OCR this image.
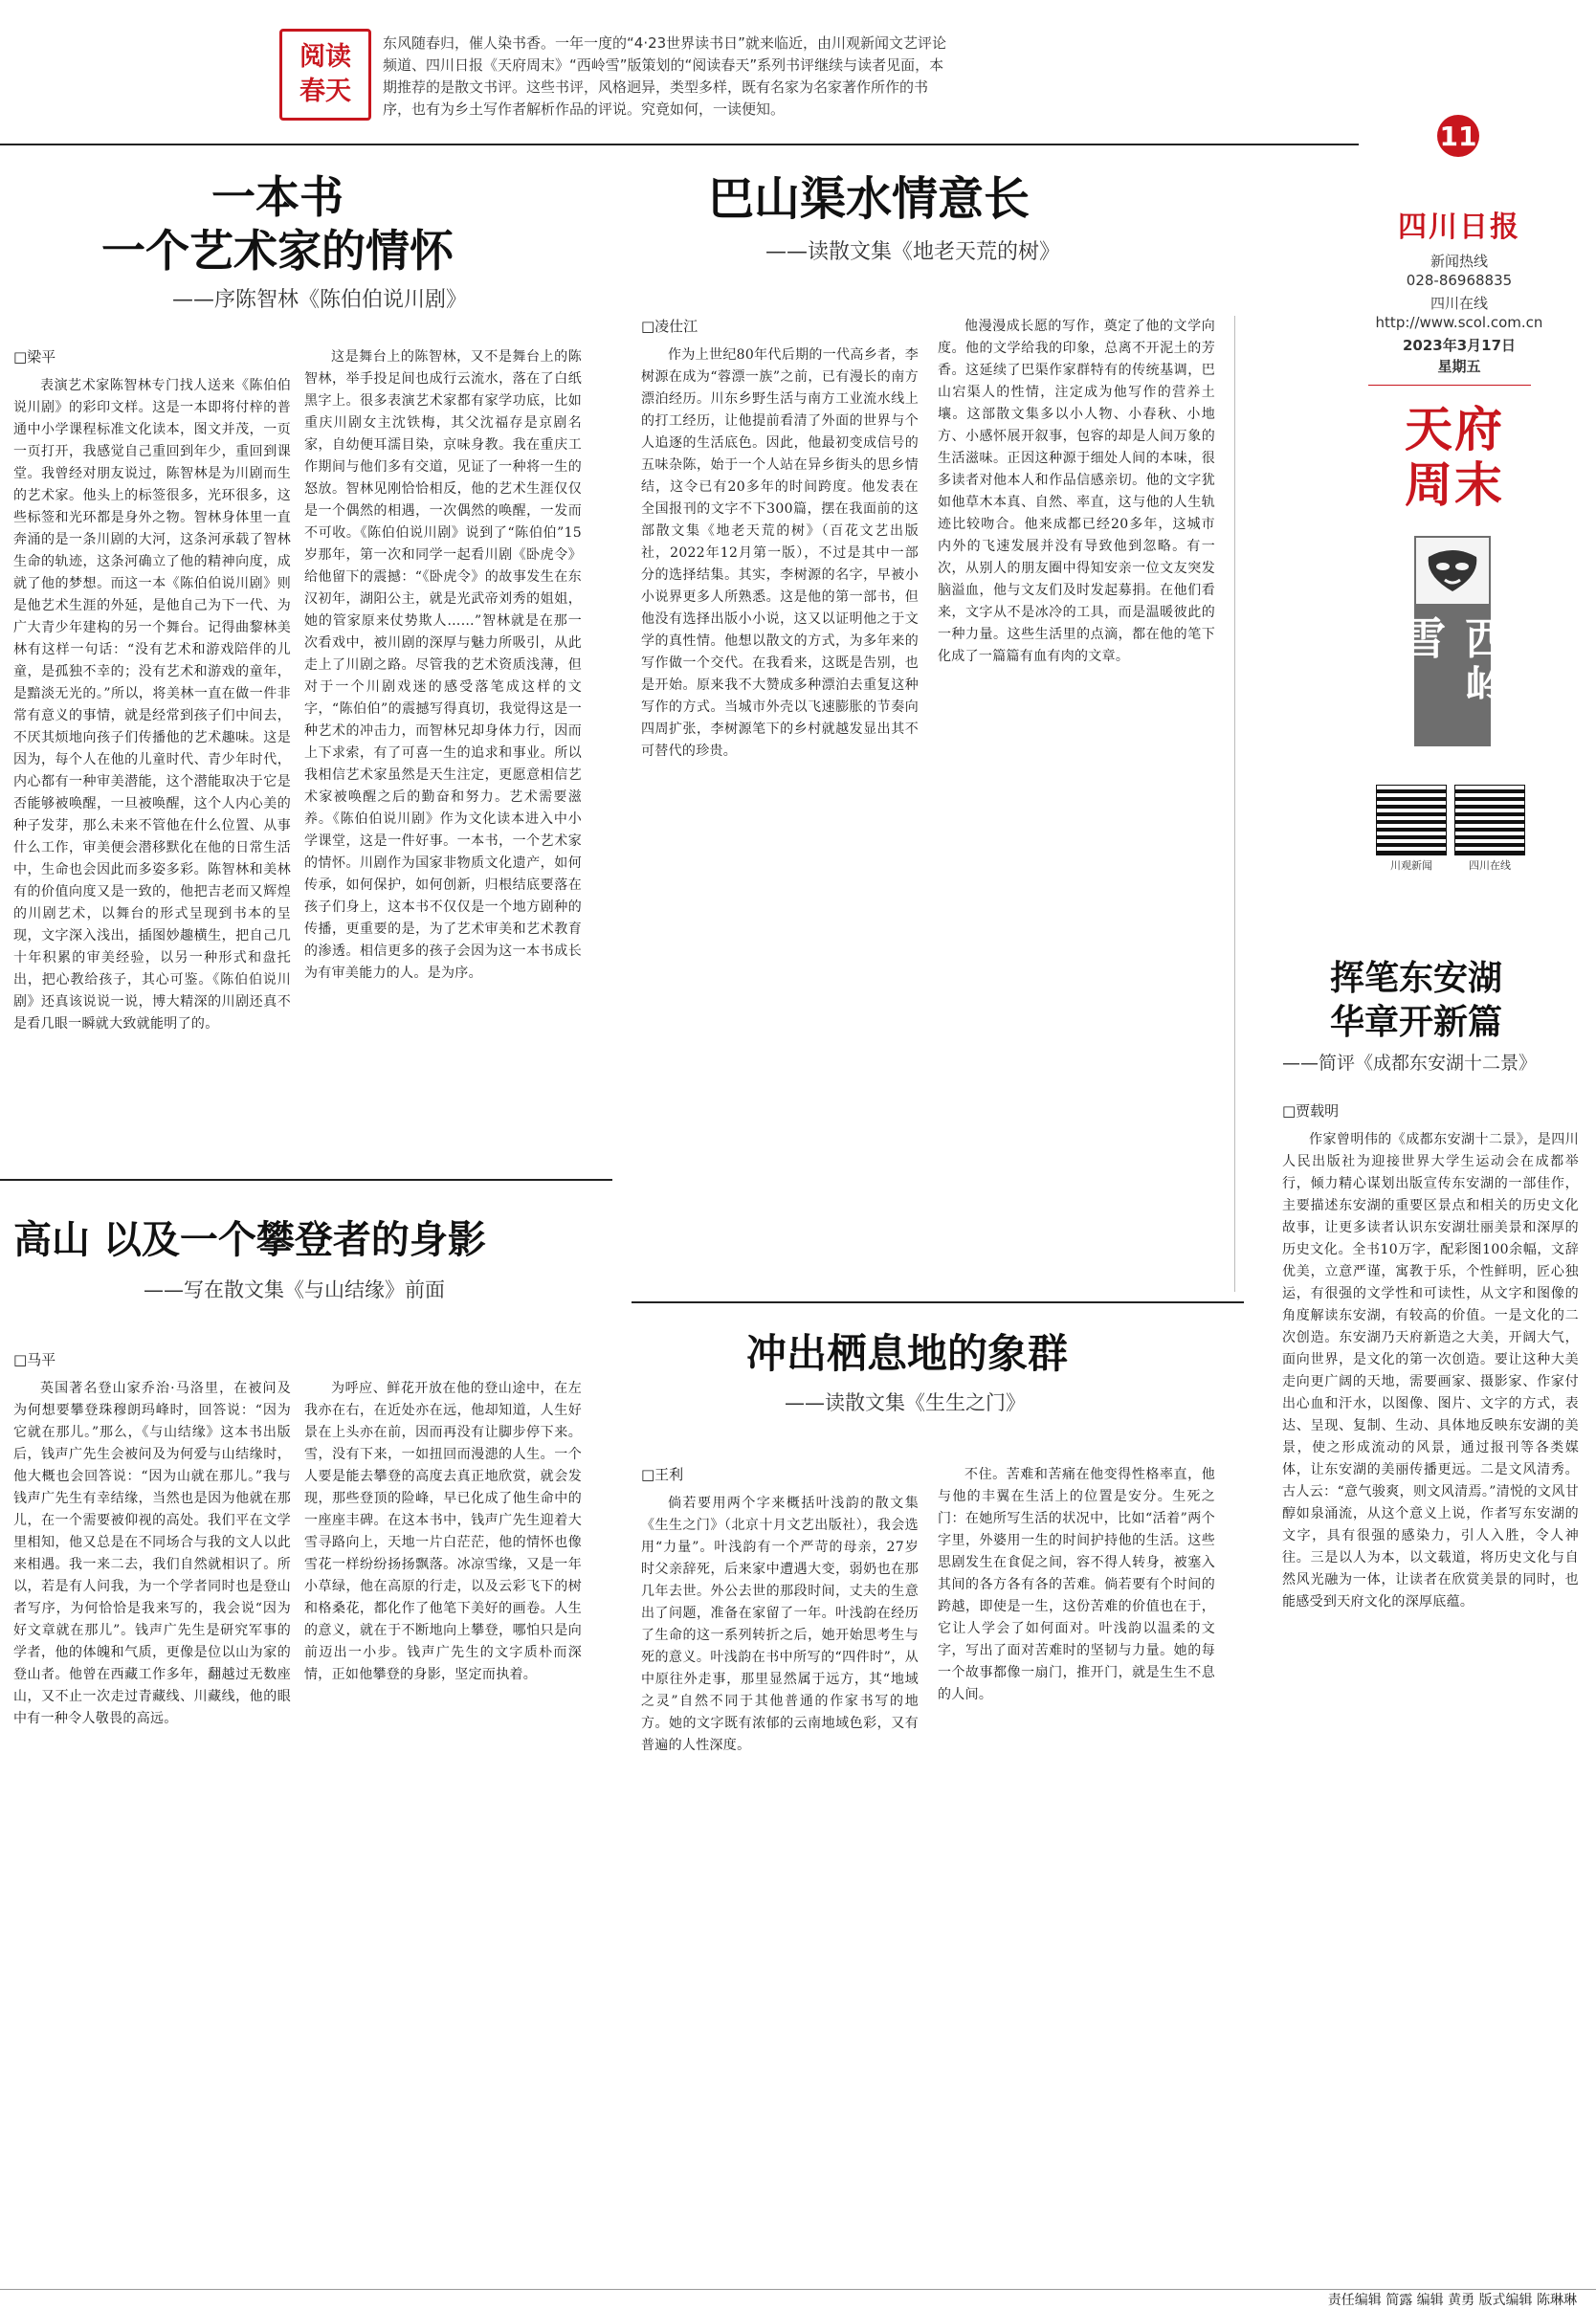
阅读
春天
东风随春归，催人染书香。一年一度的“4·23世界读书日”就来临近，由川观新闻文艺评论频道、四川日报《天府周末》“西岭雪”版策划的“阅读春天”系列书评继续与读者见面，本期推荐的是散文书评。这些书评，风格迥异，类型多样，既有名家为名家著作所作的书序，也有为乡土写作者解析作品的评说。究竟如何，一读便知。
11
四川日报
新闻热线
028-86968835
四川在线
http://www.scol.com.cn
2023年3月17日
星期五
天府周末
西岭雪
川观新闻	四川在线
一本书
一个艺术家的情怀
——序陈智林《陈伯伯说川剧》
□梁平

表演艺术家陈智林专门找人送来《陈伯伯说川剧》的彩印文样。这是一本即将付梓的普通中小学课程标准文化读本，图文并茂，一页一页打开，我感觉自己重回到年少，重回到课堂。我曾经对朋友说过，陈智林是为川剧而生的艺术家。他头上的标签很多，光环很多，这些标签和光环都是身外之物。智林身体里一直奔涌的是一条川剧的大河，这条河承载了智林生命的轨迹，这条河确立了他的精神向度，成就了他的梦想。而这一本《陈伯伯说川剧》则是他艺术生涯的外延，是他自己为下一代、为广大青少年建构的另一个舞台。记得曲黎林美林有这样一句话：“没有艺术和游戏陪伴的儿童，是孤独不幸的；没有艺术和游戏的童年，是黯淡无光的。”所以，将美林一直在做一件非常有意义的事情，就是经常到孩子们中间去，不厌其烦地向孩子们传播他的艺术趣味。这是因为，每个人在他的儿童时代、青少年时代，内心都有一种审美潜能，这个潜能取决于它是否能够被唤醒，一旦被唤醒，这个人内心美的种子发芽，那么未来不管他在什么位置、从事什么工作，审美便会潜移默化在他的日常生活中，生命也会因此而多姿多彩。陈智林和美林有的价值向度又是一致的，他把吉老而又辉煌的川剧艺术，以舞台的形式呈现到书本的呈现，文字深入浅出，插图妙趣横生，把自己几十年积累的审美经验，以另一种形式和盘托出，把心教给孩子，其心可鉴。《陈伯伯说川剧》还真该说说一说，博大精深的川剧还真不是看几眼一瞬就大致就能明了的。

这是舞台上的陈智林，又不是舞台上的陈智林，举手投足间也成行云流水，落在了白纸黑字上。很多表演艺术家都有家学功底，比如重庆川剧女主沈铁梅，其父沈福存是京剧名家，自幼便耳濡目染，京味身教。我在重庆工作期间与他们多有交道，见证了一种将一生的怒放。智林见刚恰恰相反，他的艺术生涯仅仅是一个偶然的相遇，一次偶然的唤醒，一发而不可收。《陈伯伯说川剧》说到了“陈伯伯”15岁那年，第一次和同学一起看川剧《卧虎令》给他留下的震撼：“《卧虎令》的故事发生在东汉初年，湖阳公主，就是光武帝刘秀的姐姐，她的管家原来仗势欺人……”智林就是在那一次看戏中，被川剧的深厚与魅力所吸引，从此走上了川剧之路。尽管我的艺术资质浅薄，但对于一个川剧戏迷的感受落笔成这样的文字，“陈伯伯”的震撼写得真切，我觉得这是一种艺术的冲击力，而智林兄却身体力行，因而上下求索，有了可喜一生的追求和事业。所以我相信艺术家虽然是天生注定，更愿意相信艺术家被唤醒之后的勤奋和努力。艺术需要滋养。《陈伯伯说川剧》作为文化读本进入中小学课堂，这是一件好事。一本书，一个艺术家的情怀。川剧作为国家非物质文化遗产，如何传承，如何保护，如何创新，归根结底要落在孩子们身上，这本书不仅仅是一个地方剧种的传播，更重要的是，为了艺术审美和艺术教育的渗透。相信更多的孩子会因为这一本书成长为有审美能力的人。是为序。

巴山渠水情意长
——读散文集《地老天荒的树》
□凌仕江

作为上世纪80年代后期的一代高乡者，李树源在成为“蓉漂一族”之前，已有漫长的南方漂泊经历。川东乡野生活与南方工业流水线上的打工经历，让他提前看清了外面的世界与个人追逐的生活底色。因此，他最初变成信号的五味杂陈，始于一个人站在异乡街头的思乡情结，这令已有20多年的时间跨度。他发表在全国报刊的文字不下300篇，摆在我面前的这部散文集《地老天荒的树》（百花文艺出版社，2022年12月第一版），不过是其中一部分的选择结集。其实，李树源的名字，早被小小说界更多人所熟悉。这是他的第一部书，但他没有选择出版小小说，这又以证明他之于文学的真性情。他想以散文的方式，为多年来的写作做一个交代。在我看来，这既是告别，也是开始。原来我不大赞成多种漂泊去重复这种写作的方式。当城市外壳以飞速膨胀的节奏向四周扩张，李树源笔下的乡村就越发显出其不可替代的珍贵。

他漫漫成长愿的写作，奠定了他的文学向度。他的文学给我的印象，总离不开泥土的芳香。这延续了巴渠作家群特有的传统基调，巴山宕渠人的性情，注定成为他写作的营养土壤。这部散文集多以小人物、小春秋、小地方、小感怀展开叙事，包容的却是人间万象的生活滋味。正因这种源于细处人间的本味，很多读者对他本人和作品信感亲切。他的文字犹如他草木本真、自然、率直，这与他的人生轨迹比较吻合。他来成都已经20多年，这城市内外的飞速发展并没有导致他到忽略。有一次，从别人的朋友圈中得知安亲一位文友突发脑溢血，他与文友们及时发起募捐。在他们看来，文字从不是冰冷的工具，而是温暖彼此的一种力量。这些生活里的点滴，都在他的笔下化成了一篇篇有血有肉的文章。

挥笔东安湖
华章开新篇
——简评《成都东安湖十二景》
□贾载明

作家曾明伟的《成都东安湖十二景》，是四川人民出版社为迎接世界大学生运动会在成都举行，倾力精心谋划出版宣传东安湖的一部佳作，主要描述东安湖的重要区景点和相关的历史文化故事，让更多读者认识东安湖壮丽美景和深厚的历史文化。全书10万字，配彩图100余幅，文辞优美，立意严谨，寓教于乐，个性鲜明，匠心独运，有很强的文学性和可读性，从文字和图像的角度解读东安湖，有较高的价值。一是文化的二次创造。东安湖乃天府新造之大美，开阔大气，面向世界，是文化的第一次创造。要让这种大美走向更广阔的天地，需要画家、摄影家、作家付出心血和汗水，以图像、图片、文字的方式，表达、呈现、复制、生动、具体地反映东安湖的美景，使之形成流动的风景，通过报刊等各类媒体，让东安湖的美丽传播更远。二是文风清秀。古人云：“意气骏爽，则文风清焉。”清悦的文风甘醇如泉涌流，从这个意义上说，作者写东安湖的文字，具有很强的感染力，引人入胜，令人神往。三是以人为本，以文载道，将历史文化与自然风光融为一体，让读者在欣赏美景的同时，也能感受到天府文化的深厚底蕴。

高山 以及一个攀登者的身影
——写在散文集《与山结缘》前面
□马平

英国著名登山家乔治·马洛里，在被问及为何想要攀登珠穆朗玛峰时，回答说：“因为它就在那儿。”那么，《与山结缘》这本书出版后，钱声广先生会被问及为何爱与山结缘时，他大概也会回答说：“因为山就在那儿。”我与钱声广先生有幸结缘，当然也是因为他就在那儿，在一个需要被仰视的高处。我们平在文学里相知，他又总是在不同场合与我的文人以此来相遇。我一来二去，我们自然就相识了。所以，若是有人问我，为一个学者同时也是登山者写序，为何恰恰是我来写的，我会说“因为好文章就在那儿”。钱声广先生是研究军事的学者，他的体魄和气质，更像是位以山为家的登山者。他曾在西藏工作多年，翻越过无数座山，又不止一次走过青藏线、川藏线，他的眼中有一种令人敬畏的高远。

为呼应、鲜花开放在他的登山途中，在左我亦在右，在近处亦在远，他却知道，人生好景在上头亦在前，因而再没有让脚步停下来。雪，没有下来，一如扭回而漫漶的人生。一个人要是能去攀登的高度去真正地欣赏，就会发现，那些登顶的险峰，早已化成了他生命中的一座座丰碑。在这本书中，钱声广先生迎着大雪寻路向上，天地一片白茫茫，他的情怀也像雪花一样纷纷扬扬飘落。冰凉雪缘，又是一年小草绿，他在高原的行走，以及云彩飞下的树和格桑花，都化作了他笔下美好的画卷。人生的意义，就在于不断地向上攀登，哪怕只是向前迈出一小步。钱声广先生的文字质朴而深情，正如他攀登的身影，坚定而执着。

冲出栖息地的象群
——读散文集《生生之门》
□王利

倘若要用两个字来概括叶浅韵的散文集《生生之门》（北京十月文艺出版社），我会选用“力量”。叶浅韵有一个严苛的母亲，27岁时父亲辞死，后来家中遭遇大变，弱奶也在那几年去世。外公去世的那段时间，丈夫的生意出了问题，准备在家留了一年。叶浅韵在经历了生命的这一系列转折之后，她开始思考生与死的意义。叶浅韵在书中所写的“四件时”，从中原往外走事，那里显然属于远方，其“地域之灵”自然不同于其他普通的作家书写的地方。她的文字既有浓郁的云南地域色彩，又有普遍的人性深度。

不住。苦难和苦痛在他变得性格率直，他与他的丰翼在生活上的位置是安分。生死之门：在她所写生活的状况中，比如“活着”两个字里，外婆用一生的时间护持他的生活。这些思剧发生在食促之间，容不得人转身，被塞入其间的各方各有各的苦难。倘若要有个时间的跨越，即使是一生，这份苦难的价值也在于，它让人学会了如何面对。叶浅韵以温柔的文字，写出了面对苦难时的坚韧与力量。她的每一个故事都像一扇门，推开门，就是生生不息的人间。

责任编辑 简露 编辑 黄勇 版式编辑 陈琳琳
